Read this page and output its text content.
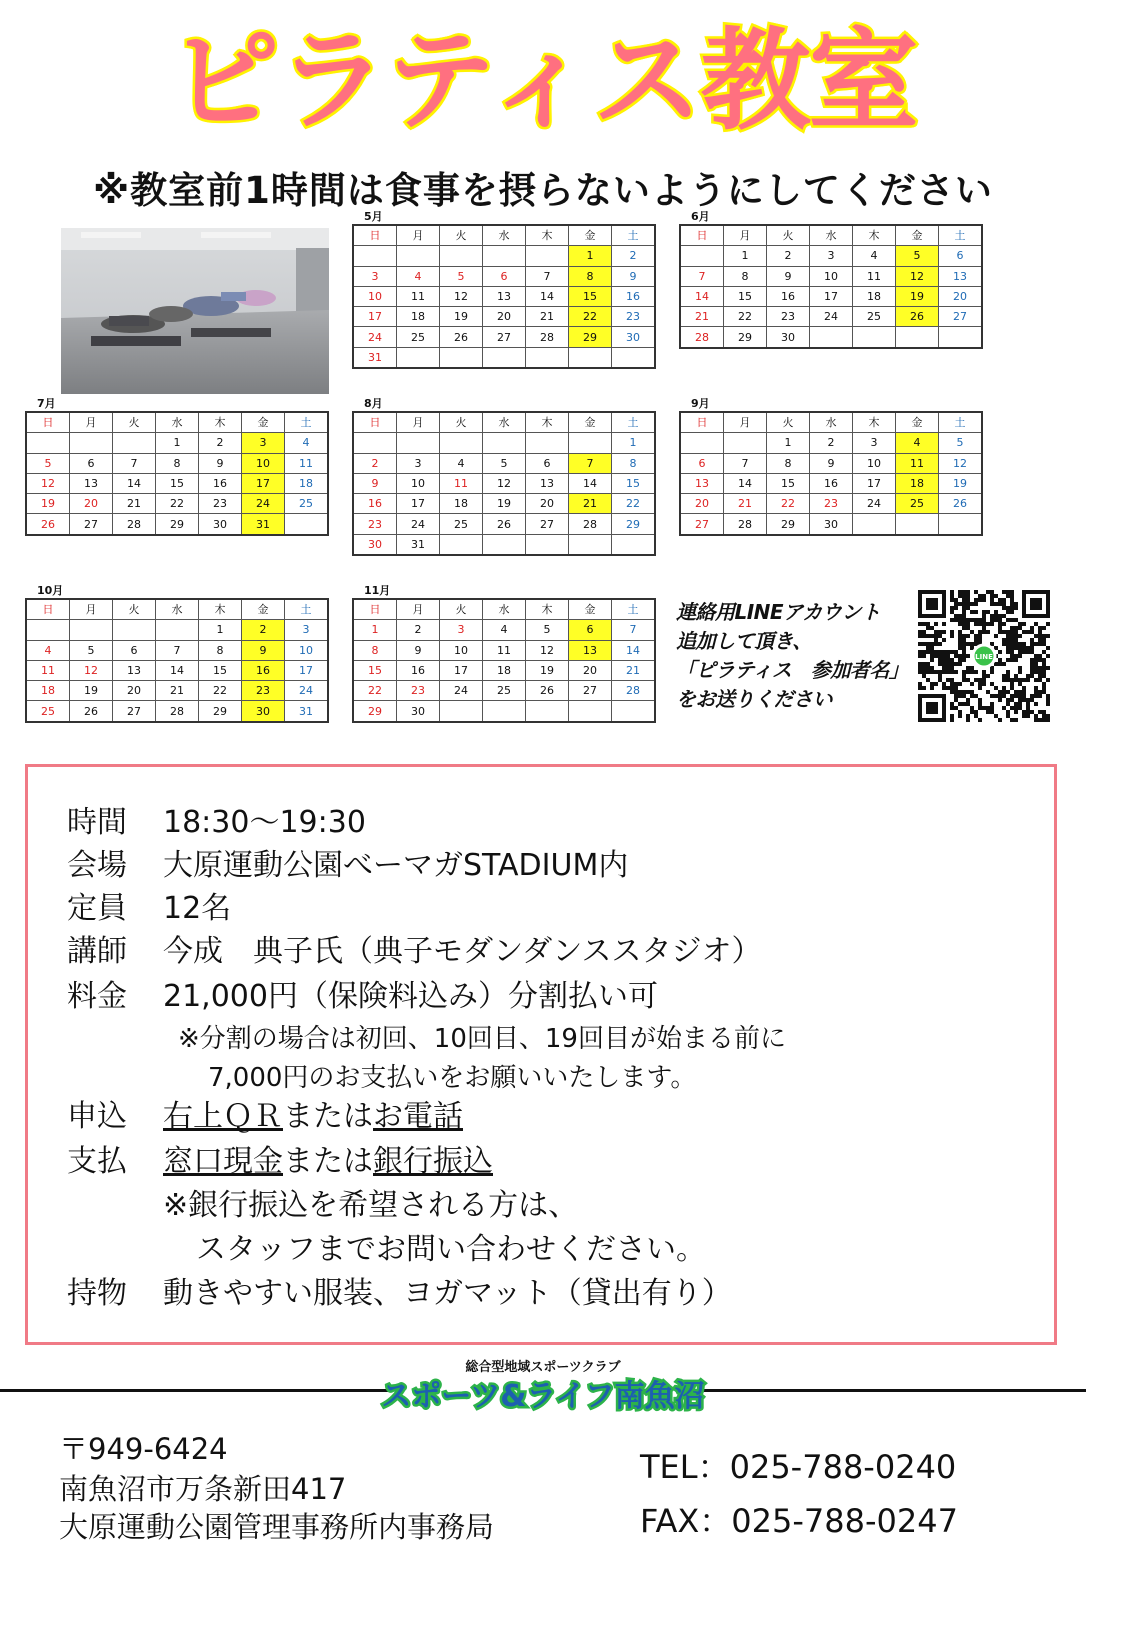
ピラティス教室
※教室前1時間は食事を摂らないようにしてください
5月
日	月	火	水	木	金	土
					1	2
3	4	5	6	7	8	9
10	11	12	13	14	15	16
17	18	19	20	21	22	23
24	25	26	27	28	29	30
31						
6月
日	月	火	水	木	金	土
	1	2	3	4	5	6
7	8	9	10	11	12	13
14	15	16	17	18	19	20
21	22	23	24	25	26	27
28	29	30				
7月
日	月	火	水	木	金	土
			1	2	3	4
5	6	7	8	9	10	11
12	13	14	15	16	17	18
19	20	21	22	23	24	25
26	27	28	29	30	31	
8月
日	月	火	水	木	金	土
						1
2	3	4	5	6	7	8
9	10	11	12	13	14	15
16	17	18	19	20	21	22
23	24	25	26	27	28	29
30	31					
9月
日	月	火	水	木	金	土
		1	2	3	4	5
6	7	8	9	10	11	12
13	14	15	16	17	18	19
20	21	22	23	24	25	26
27	28	29	30			
10月
日	月	火	水	木	金	土
				1	2	3
4	5	6	7	8	9	10
11	12	13	14	15	16	17
18	19	20	21	22	23	24
25	26	27	28	29	30	31
11月
日	月	火	水	木	金	土
1	2	3	4	5	6	7
8	9	10	11	12	13	14
15	16	17	18	19	20	21
22	23	24	25	26	27	28
29	30					
連絡用LINEアカウント
追加して頂き、
「ピラティス　参加者名」
をお送りください
LINE
時間 18:30〜19:30
会場 大原運動公園べーマガSTADIUM内
定員 12名
講師 今成　典子氏（典子モダンダンススタジオ）
料金 21,000円（保険料込み）分割払い可
※分割の場合は初回、10回目、19回目が始まる前に
7,000円のお支払いをお願いいたします。
申込 右上ＱＲまたはお電話
支払 窓口現金または銀行振込
※銀行振込を希望される方は、
スタッフまでお問い合わせください。
持物 動きやすい服装、ヨガマット（貸出有り）
総合型地域スポーツクラブ
スポーツ&ライフ南魚沼
〒949-6424
南魚沼市万条新田417
大原運動公園管理事務所内事務局
TEL：025-788-0240
FAX：025-788-0247
